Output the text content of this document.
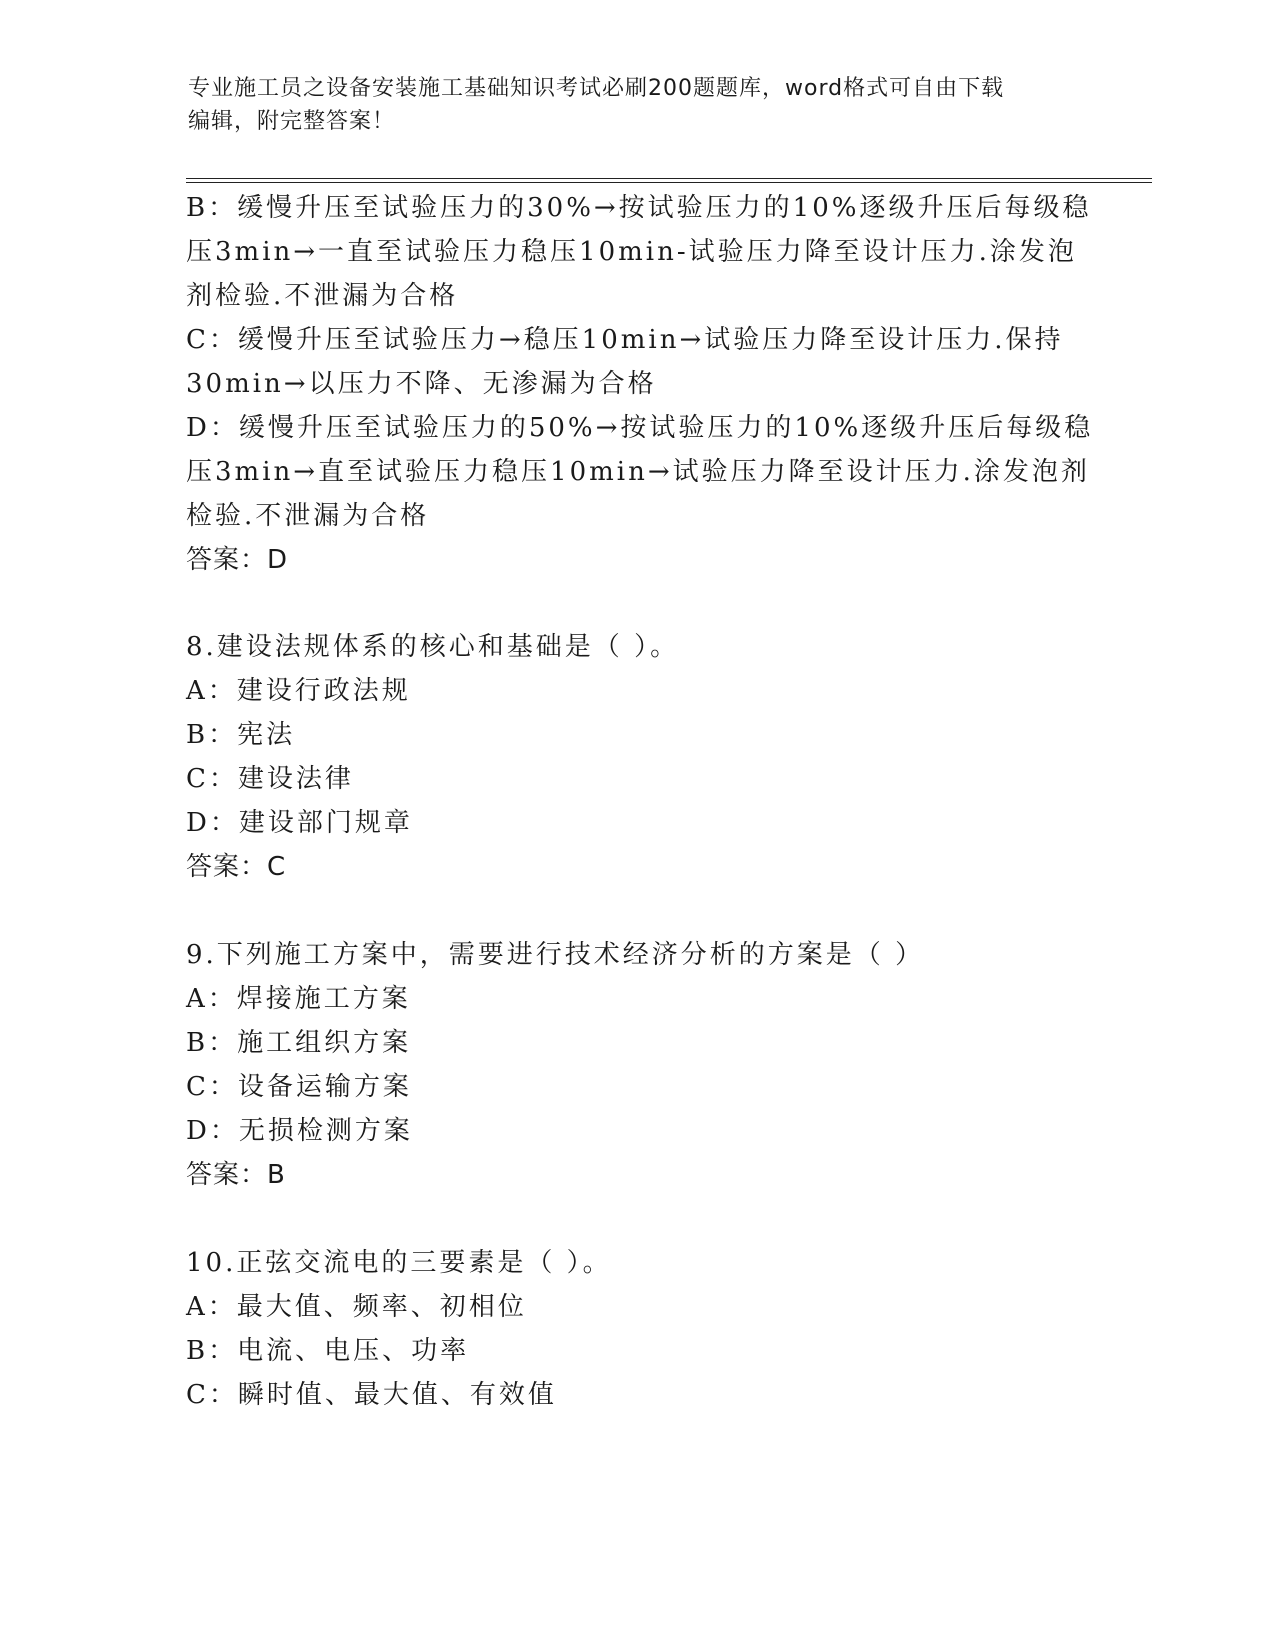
专业施工员之设备安装施工基础知识考试必刷200题题库，word格式可自由下载
编辑，附完整答案！
B：缓慢升压至试验压力的30%→按试验压力的10%逐级升压后每级稳
压3min→一直至试验压力稳压10min-试验压力降至设计压力.涂发泡
剂检验.不泄漏为合格
C：缓慢升压至试验压力→稳压10min→试验压力降至设计压力.保持
30min→以压力不降、无渗漏为合格
D：缓慢升压至试验压力的50%→按试验压力的10%逐级升压后每级稳
压3min→直至试验压力稳压10min→试验压力降至设计压力.涂发泡剂
检验.不泄漏为合格
答案：D
8.建设法规体系的核心和基础是（ ）。
A：建设行政法规
B：宪法
C：建设法律
D：建设部门规章
答案：C
9.下列施工方案中，需要进行技术经济分析的方案是（ ）
A：焊接施工方案
B：施工组织方案
C：设备运输方案
D：无损检测方案
答案：B
10.正弦交流电的三要素是（ ）。
A：最大值、频率、初相位
B：电流、电压、功率
C：瞬时值、最大值、有效值
